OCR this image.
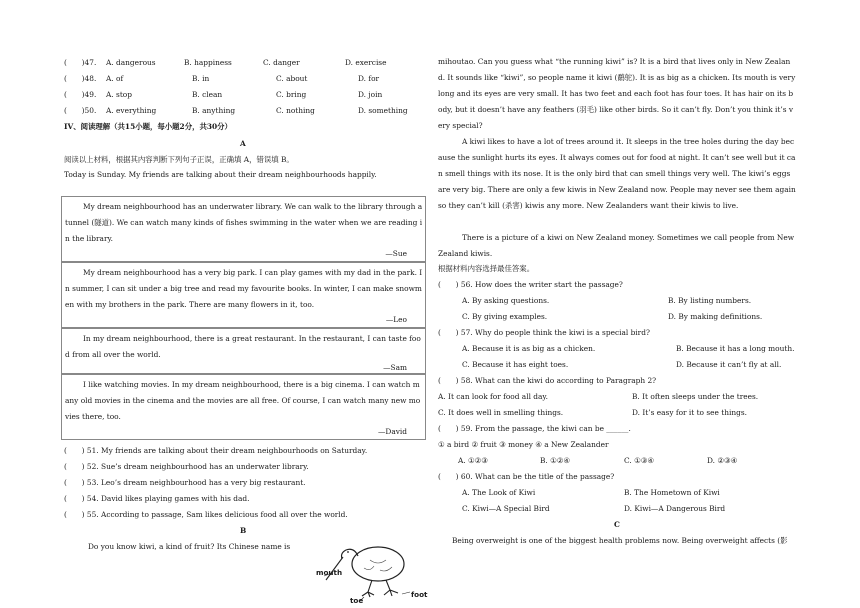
(　　)47. A. dangerous	B. happiness	C. danger	D. exercise
(　　)48. A. of	B. in	C. about	D. for
(　　)49. A. stop	B. clean	C. bring	D. join
(　　)50. A. everything	B. anything	C. nothing	D. something
IV、阅读理解（共15小题，每小题2分，共30分）
A
阅读以上材料，根据其内容判断下列句子正误，正确填 A，错误填 B。
Today is Sunday. My friends are talking about their dream neighbourhoods happily.
My dream neighbourhood has an underwater library. We can walk to the library through a tunnel (隧道). We can watch many kinds of fishes swimming in the water when we are reading in the library.
—Sue
My dream neighbourhood has a very big park. I can play games with my dad in the park. In summer, I can sit under a big tree and read my favourite books. In winter, I can make snowmen with my brothers in the park. There are many flowers in it, too.
—Leo
In my dream neighbourhood, there is a great restaurant. In the restaurant, I can taste food from all over the world.
—Sam
I like watching movies. In my dream neighbourhood, there is a big cinema. I can watch many old movies in the cinema and the movies are all free. Of course, I can watch many new movies there, too.
—David
(　　) 51. My friends are talking about their dream neighbourhoods on Saturday.
(　　) 52. Sue’s dream neighbourhood has an underwater library.
(　　) 53. Leo’s dream neighbourhood has a very big restaurant.
(　　) 54. David likes playing games with his dad.
(　　) 55. According to passage, Sam likes delicious food all over the world.
B
Do you know kiwi, a kind of fruit? Its Chinese name is
mouth
foot
toe
mihoutao. Can you guess what “the running kiwi” is? It is a bird that lives only in New Zealand. It sounds like “kiwi”, so people name it kiwi (鹬鸵). It is as big as a chicken. Its mouth is very long and its eyes are very small. It has two feet and each foot has four toes. It has hair on its body, but it doesn’t have any feathers (羽毛) like other birds. So it can’t fly. Don’t you think it’s very special?
A kiwi likes to have a lot of trees around it. It sleeps in the tree holes during the day because the sunlight hurts its eyes. It always comes out for food at night. It can’t see well but it can smell things with its nose. It is the only bird that can smell things very well. The kiwi’s eggs are very big. There are only a few kiwis in New Zealand now. People may never see them again so they can’t kill (杀害) kiwis any more. New Zealanders want their kiwis to live.
There is a picture of a kiwi on New Zealand money. Sometimes we call people from New Zealand kiwis.
根据材料内容选择最佳答案。
(　　) 56. How does the writer start the passage?
A. By asking questions.	B. By listing numbers.
C. By giving examples.	D. By making definitions.
(　　) 57. Why do people think the kiwi is a special bird?
A. Because it is as big as a chicken.	B. Because it has a long mouth.
C. Because it has eight toes.	D. Because it can’t fly at all.
(　　) 58. What can the kiwi do according to Paragraph 2?
A. It can look for food all day.	B. It often sleeps under the trees.
C. It does well in smelling things.	D. It’s easy for it to see things.
(　　) 59. From the passage, the kiwi can be ______.
① a bird ② fruit ③ money ④ a New Zealander
A. ①②③	B. ①②④	C. ①③④	D. ②③④
(　　) 60. What can be the title of the passage?
A. The Look of Kiwi	B. The Hometown of Kiwi
C. Kiwi—A Special Bird	D. Kiwi—A Dangerous Bird
C
Being overweight is one of the biggest health problems now. Being overweight affects (影
